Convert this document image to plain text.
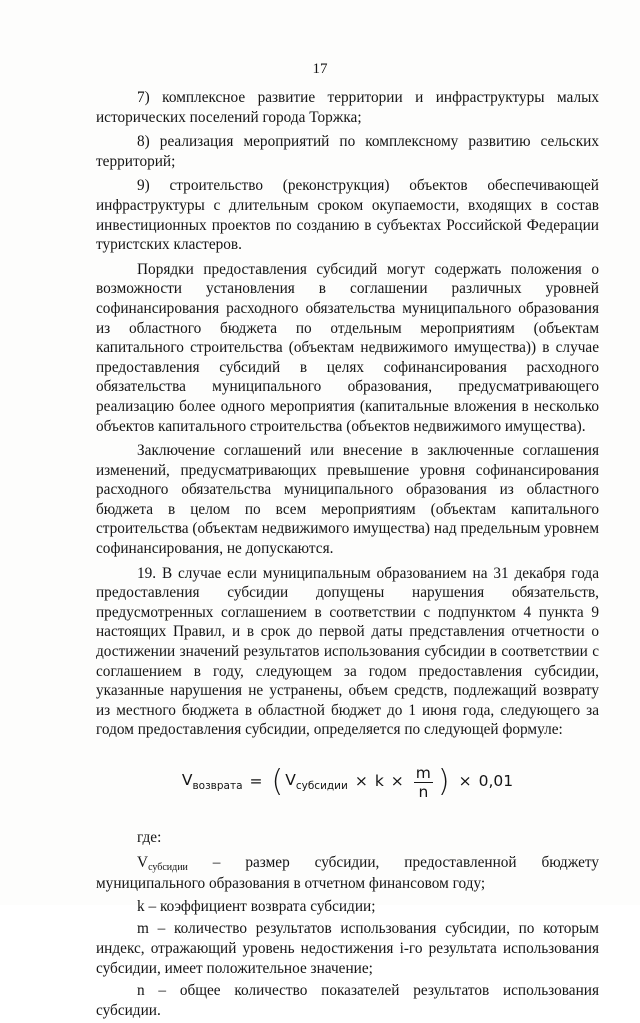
17

7) комплексное развитие территории и инфраструктуры малых исторических поселений города Торжка;

8) реализация мероприятий по комплексному развитию сельских территорий;

9) строительство (реконструкция) объектов обеспечивающей инфраструктуры с длительным сроком окупаемости, входящих в состав инвестиционных проектов по созданию в субъектах Российской Федерации туристских кластеров.

Порядки предоставления субсидий могут содержать положения о возможности установления в соглашении различных уровней софинансирования расходного обязательства муниципального образования из областного бюджета по отдельным мероприятиям (объектам капитального строительства (объектам недвижимого имущества)) в случае предоставления субсидий в целях софинансирования расходного обязательства муниципального образования, предусматривающего реализацию более одного мероприятия (капитальные вложения в несколько объектов капитального строительства (объектов недвижимого имущества).

Заключение соглашений или внесение в заключенные соглашения изменений, предусматривающих превышение уровня софинансирования расходного обязательства муниципального образования из областного бюджета в целом по всем мероприятиям (объектам капитального строительства (объектам недвижимого имущества) над предельным уровнем софинансирования, не допускаются.

19. В случае если муниципальным образованием на 31 декабря года предоставления субсидии допущены нарушения обязательств, предусмотренных соглашением в соответствии с подпунктом 4 пункта 9 настоящих Правил, и в срок до первой даты представления отчетности о достижении значений результатов использования субсидии в соответствии с соглашением в году, следующем за годом предоставления субсидии, указанные нарушения не устранены, объем средств, подлежащий возврату из местного бюджета в областной бюджет до 1 июня года, следующего за годом предоставления субсидии, определяется по следующей формуле:

$V_{возврата}$ = ( $V_{субсидии} \times k \times \frac{m}{n}$ ) × 0,01

где:

Vсубсидии – размер субсидии, предоставленной бюджету муниципального образования в отчетном финансовом году;

k – коэффициент возврата субсидии;

m – количество результатов использования субсидии, по которым индекс, отражающий уровень недостижения i-го результата использования субсидии, имеет положительное значение;

n – общее количество показателей результатов использования субсидии.
